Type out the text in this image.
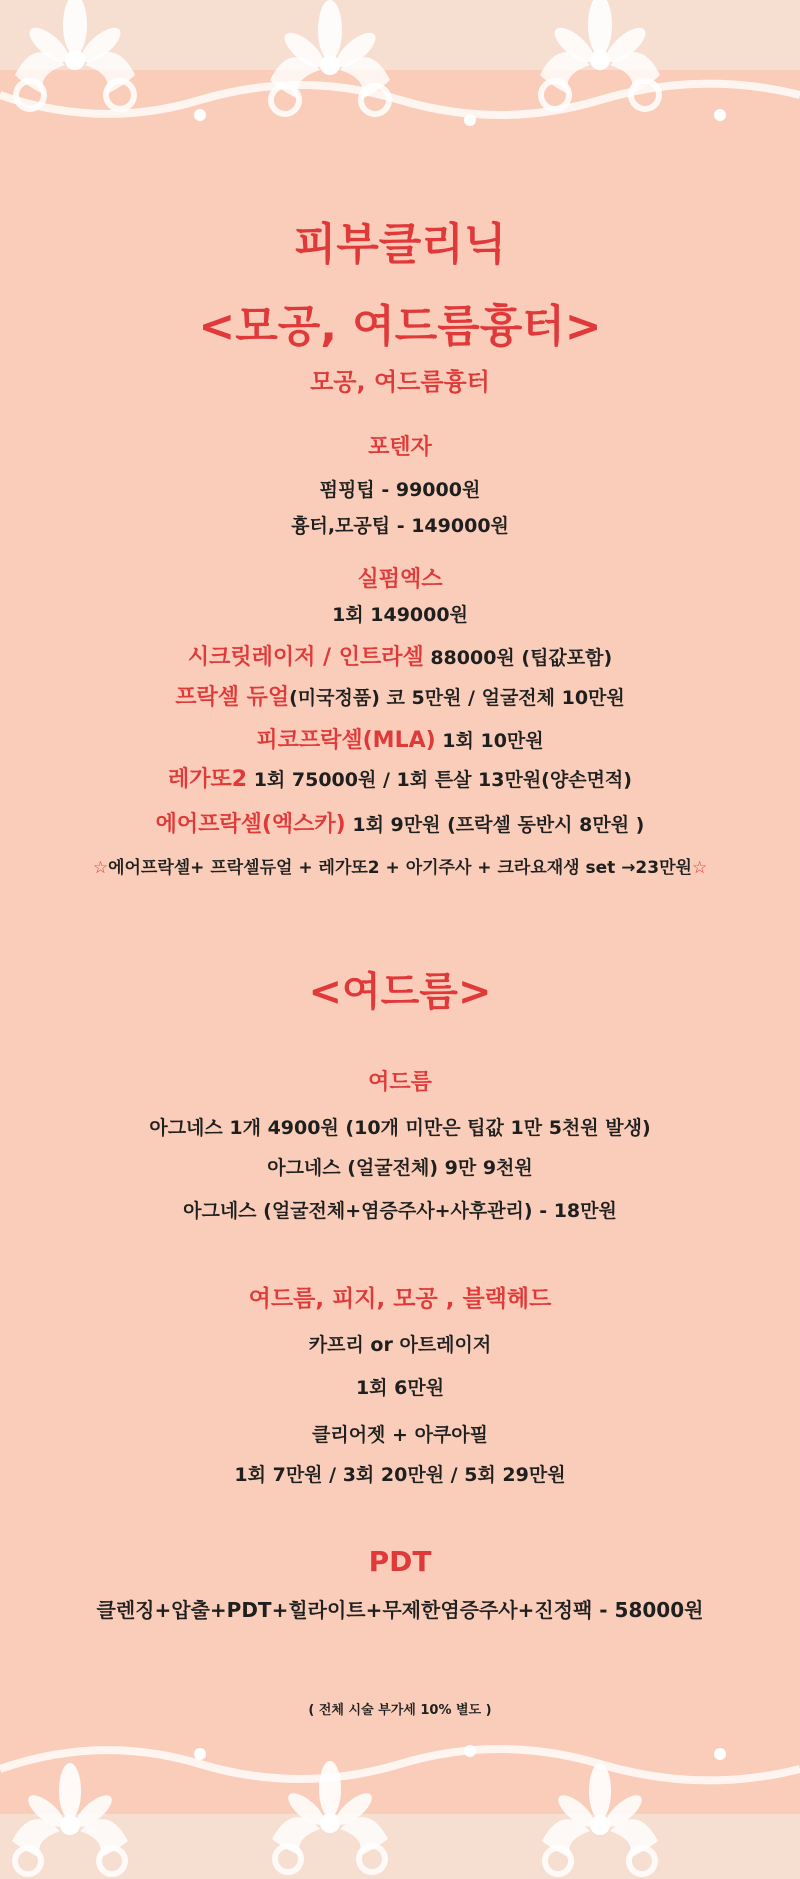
피부클리닉
<모공, 여드름흉터>
모공, 여드름흉터
포텐자
펌핑팁 - 99000원
흉터,모공팁 - 149000원
실펌엑스
1회 149000원
시크릿레이저 / 인트라셀 88000원 (팁값포함)
프락셀 듀얼(미국정품) 코 5만원 / 얼굴전체 10만원
피코프락셀(MLA) 1회 10만원
레가또2 1회 75000원 / 1회 튼살 13만원(양손면적)
에어프락셀(엑스카) 1회 9만원 (프락셀 동반시 8만원 )
☆에어프락셀+ 프락셀듀얼 + 레가또2 + 아기주사 + 크라요재생 set →23만원☆
<여드름>
여드름
아그네스 1개 4900원 (10개 미만은 팁값 1만 5천원 발생)
아그네스 (얼굴전체) 9만 9천원
아그네스 (얼굴전체+염증주사+사후관리) - 18만원
여드름, 피지, 모공 , 블랙헤드
카프리 or 아트레이저
1회 6만원
클리어젯 + 아쿠아필
1회 7만원 / 3회 20만원 / 5회 29만원
PDT
클렌징+압출+PDT+힐라이트+무제한염증주사+진정팩 - 58000원
( 전체 시술 부가세 10% 별도 )
